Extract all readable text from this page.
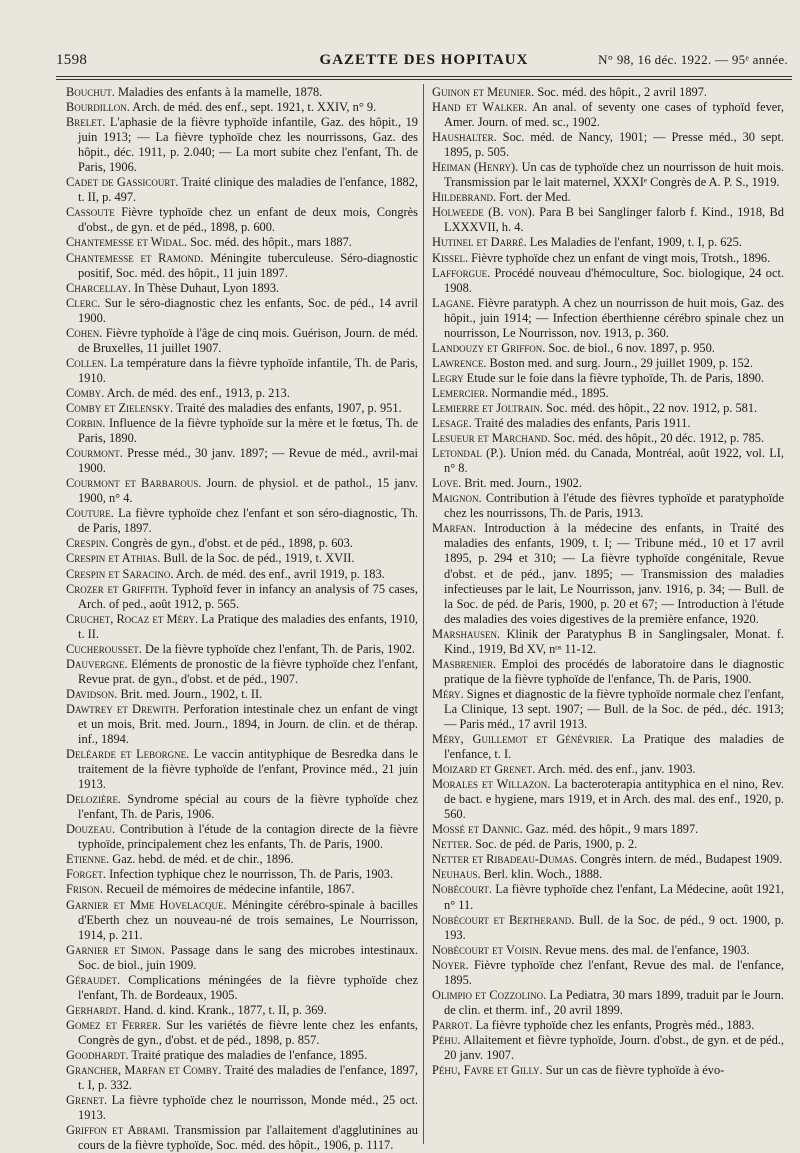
1598	GAZETTE DES HOPITAUX	N° 98, 16 déc. 1922. — 95ᵉ année.
Bouchut. Maladies des enfants à la mamelle, 1878.
Bourdillon. Arch. de méd. des enf., sept. 1921, t. XXIV, n° 9.
Brelet. L'aphasie de la fièvre typhoïde infantile, Gaz. des hôpit., 19 juin 1913; — La fièvre typhoïde chez les nourrissons, Gaz. des hôpit., déc. 1911, p. 2.040; — La mort subite chez l'enfant, Th. de Paris, 1906.
Cadet de Gassicourt. Traité clinique des maladies de l'enfance, 1882, t. II, p. 497.
Cassoute Fièvre typhoïde chez un enfant de deux mois, Congrès d'obst., de gyn. et de péd., 1898, p. 600.
Chantemesse et Widal. Soc. méd. des hôpit., mars 1887.
Chantemesse et Ramond. Méningite tuberculeuse. Séro-diagnostic positif, Soc. méd. des hôpit., 11 juin 1897.
Charcellay. In Thèse Duhaut, Lyon 1893.
Clerc. Sur le séro-diagnostic chez les enfants, Soc. de péd., 14 avril 1900.
Cohen. Fièvre typhoïde à l'âge de cinq mois. Guérison, Journ. de méd. de Bruxelles, 11 juillet 1907.
Collen. La température dans la fièvre typhoïde infantile, Th. de Paris, 1910.
Comby. Arch. de méd. des enf., 1913, p. 213.
Comby et Zielensky. Traité des maladies des enfants, 1907, p. 951.
Corbin. Influence de la fièvre typhoïde sur la mère et le fœtus, Th. de Paris, 1890.
Courmont. Presse méd., 30 janv. 1897; — Revue de méd., avril-mai 1900.
Courmont et Barbarous. Journ. de physiol. et de pathol., 15 janv. 1900, n° 4.
Couture. La fièvre typhoïde chez l'enfant et son séro-diagnostic, Th. de Paris, 1897.
Crespin. Congrès de gyn., d'obst. et de péd., 1898, p. 603.
Crespin et Athias. Bull. de la Soc. de péd., 1919, t. XVII.
Crespin et Saracino. Arch. de méd. des enf., avril 1919, p. 183.
Crozer et Griffith. Typhoïd fever in infancy an analysis of 75 cases, Arch. of ped., août 1912, p. 565.
Cruchet, Rocaz et Méry. La Pratique des maladies des enfants, 1910, t. II.
Cucherousset. De la fièvre typhoïde chez l'enfant, Th. de Paris, 1902.
Dauvergne. Eléments de pronostic de la fièvre typhoïde chez l'enfant, Revue prat. de gyn., d'obst. et de péd., 1907.
Davidson. Brit. med. Journ., 1902, t. II.
Dawtrey et Drewith. Perforation intestinale chez un enfant de vingt et un mois, Brit. med. Journ., 1894, in Journ. de clin. et de thérap. inf., 1894.
Deléarde et Leborgne. Le vaccin antityphique de Besredka dans le traitement de la fièvre typhoïde de l'enfant, Province méd., 21 juin 1913.
Delozière. Syndrome spécial au cours de la fièvre typhoïde chez l'enfant, Th. de Paris, 1906.
Douzeau. Contribution à l'étude de la contagion directe de la fièvre typhoïde, principalement chez les enfants, Th. de Paris, 1900.
Etienne. Gaz. hebd. de méd. et de chir., 1896.
Forget. Infection typhique chez le nourrisson, Th. de Paris, 1903.
Frison. Recueil de mémoires de médecine infantile, 1867.
Garnier et Mme Hovelacque. Méningite cérébro-spinale à bacilles d'Eberth chez un nouveau-né de trois semaines, Le Nourrisson, 1914, p. 211.
Garnier et Simon. Passage dans le sang des microbes intestinaux. Soc. de biol., juin 1909.
Géraudet. Complications méningées de la fièvre typhoïde chez l'enfant, Th. de Bordeaux, 1905.
Gerhardt. Hand. d. kind. Krank., 1877, t. II, p. 369.
Gomez et Ferrer. Sur les variétés de fièvre lente chez les enfants, Congrès de gyn., d'obst. et de péd., 1898, p. 857.
Goodhardt. Traité pratique des maladies de l'enfance, 1895.
Grancher, Marfan et Comby. Traité des maladies de l'enfance, 1897, t. I, p. 332.
Grenet. La fièvre typhoïde chez le nourrisson, Monde méd., 25 oct. 1913.
Griffon et Abrami. Transmission par l'allaitement d'agglutinines au cours de la fièvre typhoïde, Soc. méd. des hôpit., 1906, p. 1117.
Guinon et Meunier. Soc. méd. des hôpit., 2 avril 1897.
Hand et Walker. An anal. of seventy one cases of typhoïd fever, Amer. Journ. of med. sc., 1902.
Haushalter. Soc. méd. de Nancy, 1901; — Presse méd., 30 sept. 1895, p. 505.
Heiman (Henry). Un cas de typhoïde chez un nourrisson de huit mois. Transmission par le lait maternel, XXXIᵉ Congrès de A. P. S., 1919.
Hildebrand. Fort. der Med.
Holweede (B. von). Para B bei Sanglinger falorb f. Kind., 1918, Bd LXXXVII, h. 4.
Hutinel et Darré. Les Maladies de l'enfant, 1909, t. I, p. 625.
Kissel. Fièvre typhoïde chez un enfant de vingt mois, Trotsh., 1896.
Lafforgue. Procédé nouveau d'hémoculture, Soc. biologique, 24 oct. 1908.
Lagane. Fièvre paratyph. A chez un nourrisson de huit mois, Gaz. des hôpit., juin 1914; — Infection éberthienne cérébro spinale chez un nourrisson, Le Nourrisson, nov. 1913, p. 360.
Landouzy et Griffon. Soc. de biol., 6 nov. 1897, p. 950.
Lawrence. Boston med. and surg. Journ., 29 juillet 1909, p. 152.
Legry Etude sur le foie dans la fièvre typhoïde, Th. de Paris, 1890.
Lemercier. Normandie méd., 1895.
Lemierre et Joltrain. Soc. méd. des hôpit., 22 nov. 1912, p. 581.
Lesage. Traité des maladies des enfants, Paris 1911.
Lesueur et Marchand. Soc. méd. des hôpit., 20 déc. 1912, p. 785.
Letondal (P.). Union méd. du Canada, Montréal, août 1922, vol. LI, n° 8.
Love. Brit. med. Journ., 1902.
Maignon. Contribution à l'étude des fièvres typhoïde et paratyphoïde chez les nourrissons, Th. de Paris, 1913.
Marfan. Introduction à la médecine des enfants, in Traité des maladies des enfants, 1909, t. I; — Tribune méd., 10 et 17 avril 1895, p. 294 et 310; — La fièvre typhoïde congénitale, Revue d'obst. et de péd., janv. 1895; — Transmission des maladies infectieuses par le lait, Le Nourrisson, janv. 1916, p. 34; — Bull. de la Soc. de péd. de Paris, 1900, p. 20 et 67; — Introduction à l'étude des maladies des voies digestives de la première enfance, 1920.
Marshausen. Klinik der Paratyphus B in Sanglingsaler, Monat. f. Kind., 1919, Bd XV, nᵒˢ 11-12.
Masbrenier. Emploi des procédés de laboratoire dans le diagnostic pratique de la fièvre typhoïde de l'enfance, Th. de Paris, 1900.
Méry. Signes et diagnostic de la fièvre typhoïde normale chez l'enfant, La Clinique, 13 sept. 1907; — Bull. de la Soc. de péd., déc. 1913; — Paris méd., 17 avril 1913.
Méry, Guillemot et Génévrier. La Pratique des maladies de l'enfance, t. I.
Moizard et Grenet. Arch. méd. des enf., janv. 1903.
Morales et Willazon. La bacteroterapia antityphica en el nino, Rev. de bact. e hygiene, mars 1919, et in Arch. des mal. des enf., 1920, p. 560.
Mossé et Dannic. Gaz. méd. des hôpit., 9 mars 1897.
Netter. Soc. de péd. de Paris, 1900, p. 2.
Netter et Ribadeau-Dumas. Congrès intern. de méd., Budapest 1909.
Neuhaus. Berl. klin. Woch., 1888.
Nobécourt. La fièvre typhoïde chez l'enfant, La Médecine, août 1921, n° 11.
Nobécourt et Bertherand. Bull. de la Soc. de péd., 9 oct. 1900, p. 193.
Nobécourt et Voisin. Revue mens. des mal. de l'enfance, 1903.
Noyer. Fièvre typhoïde chez l'enfant, Revue des mal. de l'enfance, 1895.
Olimpio et Cozzolino. La Pediatra, 30 mars 1899, traduit par le Journ. de clin. et therm. inf., 20 avril 1899.
Parrot. La fièvre typhoïde chez les enfants, Progrès méd., 1883.
Péhu. Allaitement et fièvre typhoïde, Journ. d'obst., de gyn. et de péd., 20 janv. 1907.
Péhu, Favre et Gilly. Sur un cas de fièvre typhoïde à évo-
